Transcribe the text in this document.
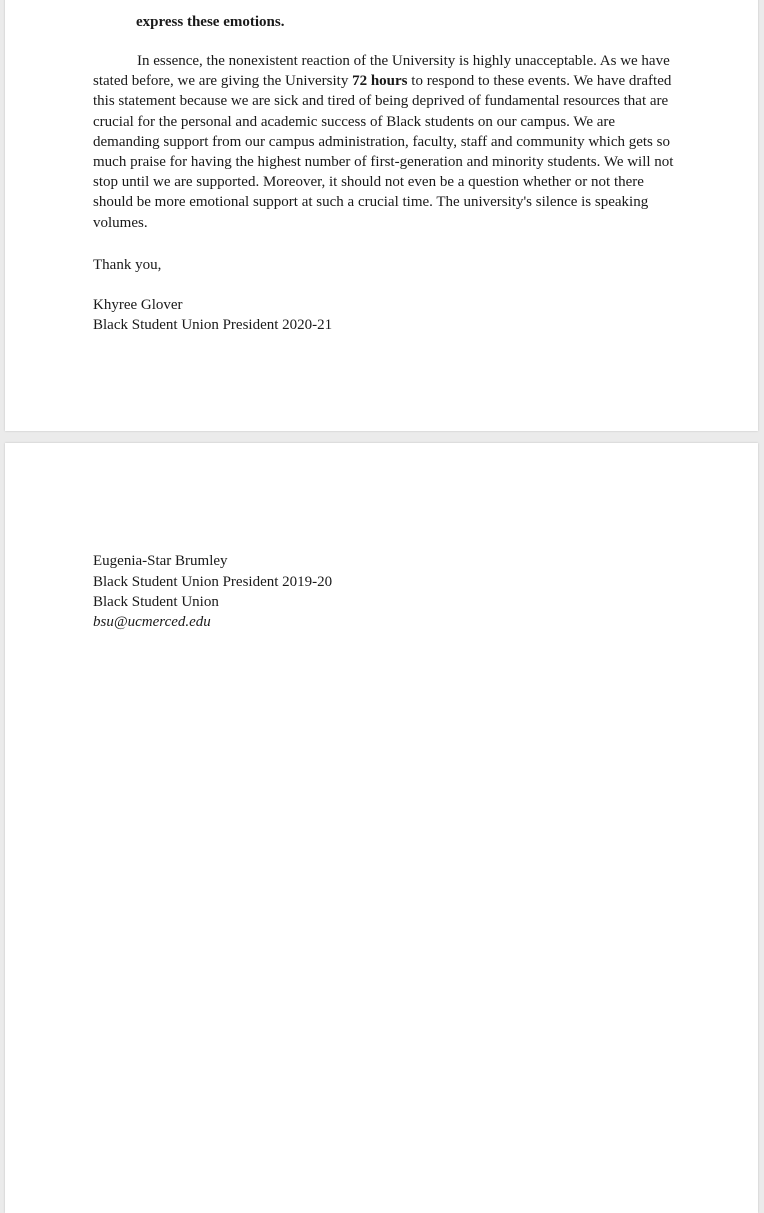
express these emotions.

In essence, the nonexistent reaction of the University is highly unacceptable. As we have
stated before, we are giving the University 72 hours to respond to these events. We have drafted
this statement because we are sick and tired of being deprived of fundamental resources that are
crucial for the personal and academic success of Black students on our campus. We are
demanding support from our campus administration, faculty, staff and community which gets so
much praise for having the highest number of first-generation and minority students. We will not
stop until we are supported. Moreover, it should not even be a question whether or not there
should be more emotional support at such a crucial time. The university's silence is speaking
volumes.

Thank you,
Khyree Glover
Black Student Union President 2020-21
Eugenia-Star Brumley
Black Student Union President 2019-20
Black Student Union
bsu@ucmerced.edu
